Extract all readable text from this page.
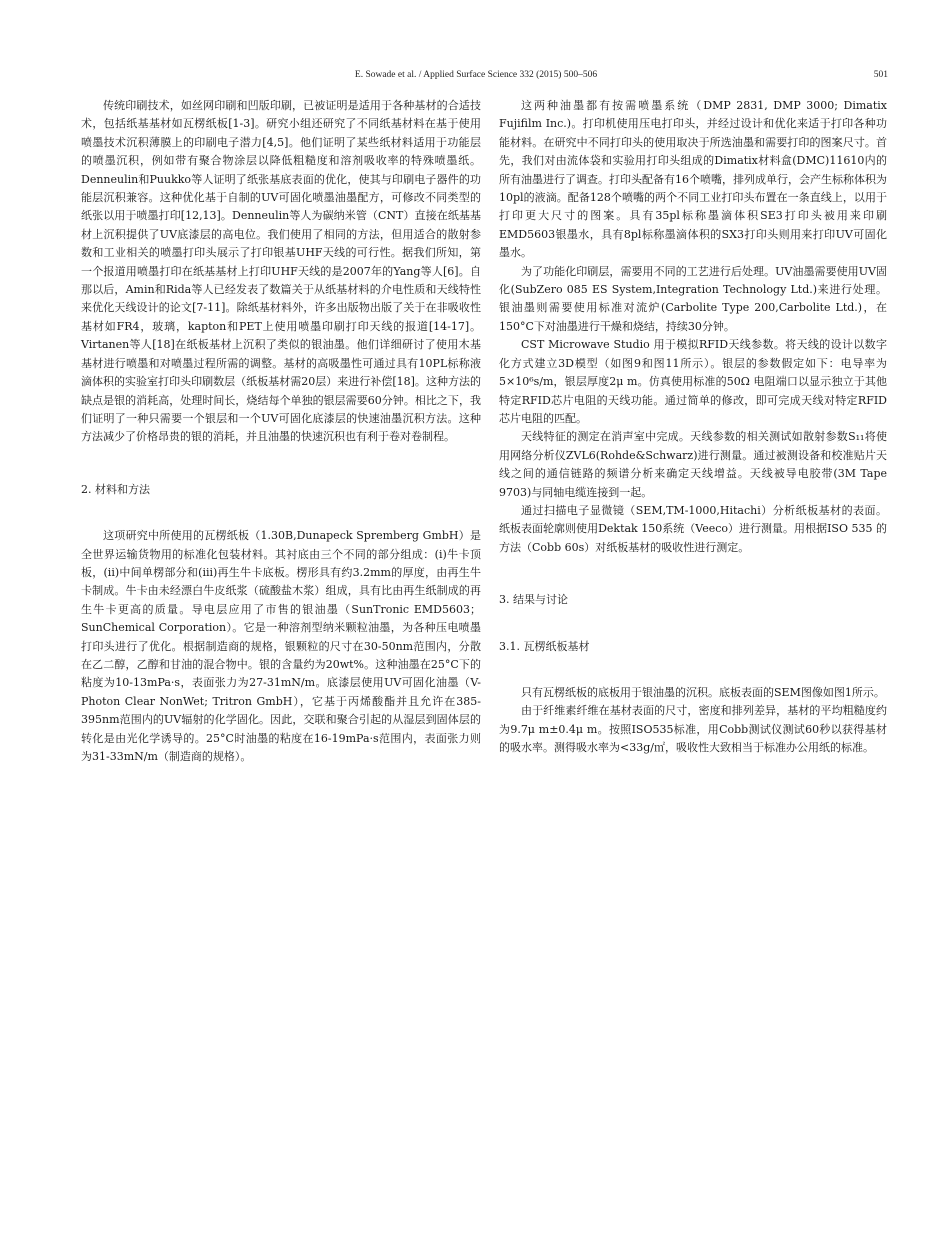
E. Sowade et al. / Applied Surface Science 332 (2015) 500–506	501

传统印刷技术，如丝网印刷和凹版印刷，已被证明是适用于各种基材的合适技术，包括纸基基材如瓦楞纸板[1-3]。研究小组还研究了不同纸基材料在基于使用喷墨技术沉积薄膜上的印刷电子潜力[4,5]。他们证明了某些纸材料适用于功能层的喷墨沉积，例如带有聚合物涂层以降低粗糙度和溶剂吸收率的特殊喷墨纸。Denneulin和Puukko等人证明了纸张基底表面的优化，使其与印刷电子器件的功能层沉积兼容。这种优化基于自制的UV可固化喷墨油墨配方，可修改不同类型的纸张以用于喷墨打印[12,13]。Denneulin等人为碳纳米管（CNT）直接在纸基基材上沉积提供了UV底漆层的高电位。我们使用了相同的方法，但用适合的散射参数和工业相关的喷墨打印头展示了打印银基UHF天线的可行性。据我们所知，第一个报道用喷墨打印在纸基基材上打印UHF天线的是2007年的Yang等人[6]。自那以后，Amin和Rida等人已经发表了数篇关于从纸基材料的介电性质和天线特性来优化天线设计的论文[7-11]。除纸基材料外，许多出版物出版了关于在非吸收性基材如FR4，玻璃，kapton和PET上使用喷墨印刷打印天线的报道[14-17]。Virtanen等人[18]在纸板基材上沉积了类似的银油墨。他们详细研讨了使用木基基材进行喷墨和对喷墨过程所需的调整。基材的高吸墨性可通过具有10PL标称液滴体积的实验室打印头印刷数层（纸板基材需20层）来进行补偿[18]。这种方法的缺点是银的消耗高，处理时间长，烧结每个单独的银层需要60分钟。相比之下，我们证明了一种只需要一个银层和一个UV可固化底漆层的快速油墨沉积方法。这种方法减少了价格昂贵的银的消耗，并且油墨的快速沉积也有利于卷对卷制程。

2. 材料和方法

这项研究中所使用的瓦楞纸板（1.30B,Dunapeck Spremberg GmbH）是全世界运输货物用的标准化包装材料。其衬底由三个不同的部分组成：(i)牛卡顶板，(ii)中间单楞部分和(iii)再生牛卡底板。楞形具有约3.2mm的厚度，由再生牛卡制成。牛卡由未经漂白牛皮纸浆（硫酸盐木浆）组成，具有比由再生纸制成的再生牛卡更高的质量。导电层应用了市售的银油墨（SunTronic EMD5603；SunChemical Corporation）。它是一种溶剂型纳米颗粒油墨，为各种压电喷墨打印头进行了优化。根据制造商的规格，银颗粒的尺寸在30-50nm范围内，分散在乙二醇，乙醇和甘油的混合物中。银的含量约为20wt%。这种油墨在25°C下的粘度为10-13mPa·s，表面张力为27-31mN/m。底漆层使用UV可固化油墨（V-Photon Clear NonWet; Tritron GmbH），它基于丙烯酸酯并且允许在385-395nm范围内的UV辐射的化学固化。因此，交联和聚合引起的从湿层到固体层的转化是由光化学诱导的。25°C时油墨的粘度在16-19mPa·s范围内，表面张力则为31-33mN/m（制造商的规格）。

这两种油墨都有按需喷墨系统（DMP 2831, DMP 3000; Dimatix Fujifilm Inc.)。打印机使用压电打印头，并经过设计和优化来适于打印各种功能材料。在研究中不同打印头的使用取决于所选油墨和需要打印的图案尺寸。首先，我们对由流体袋和实验用打印头组成的Dimatix材料盒(DMC)11610内的所有油墨进行了调查。打印头配备有16个喷嘴，排列成单行，会产生标称体积为10pl的液滴。配备128个喷嘴的两个不同工业打印头布置在一条直线上，以用于打印更大尺寸的图案。具有35pl标称墨滴体积SE3打印头被用来印刷EMD5603银墨水，具有8pl标称墨滴体积的SX3打印头则用来打印UV可固化墨水。

为了功能化印刷层，需要用不同的工艺进行后处理。UV油墨需要使用UV固化(SubZero 085 ES System,Integration Technology Ltd.)来进行处理。银油墨则需要使用标准对流炉(Carbolite Type 200,Carbolite Ltd.)，在150°C下对油墨进行干燥和烧结，持续30分钟。

CST Microwave Studio 用于模拟RFID天线参数。将天线的设计以数字化方式建立3D模型（如图9和图11所示）。银层的参数假定如下：电导率为5×10⁶s/m，银层厚度2μ m。仿真使用标准的50Ω 电阻端口以显示独立于其他特定RFID芯片电阻的天线功能。通过简单的修改，即可完成天线对特定RFID芯片电阻的匹配。

天线特征的测定在消声室中完成。天线参数的相关测试如散射参数S₁₁将使用网络分析仪ZVL6(Rohde&Schwarz)进行测量。通过被测设备和校准贴片天线之间的通信链路的频谱分析来确定天线增益。天线被导电胶带(3M Tape 9703)与同轴电缆连接到一起。

通过扫描电子显微镜（SEM,TM-1000,Hitachi）分析纸板基材的表面。纸板表面轮廓则使用Dektak 150系统（Veeco）进行测量。用根据ISO 535 的方法（Cobb 60s）对纸板基材的吸收性进行测定。

3. 结果与讨论
3.1. 瓦楞纸板基材

只有瓦楞纸板的底板用于银油墨的沉积。底板表面的SEM图像如图1所示。

由于纤维素纤维在基材表面的尺寸，密度和排列差异，基材的平均粗糙度约为9.7μ m±0.4μ m。按照ISO535标准，用Cobb测试仪测试60秒以获得基材的吸水率。测得吸水率为<33g/㎡，吸收性大致相当于标准办公用纸的标准。
